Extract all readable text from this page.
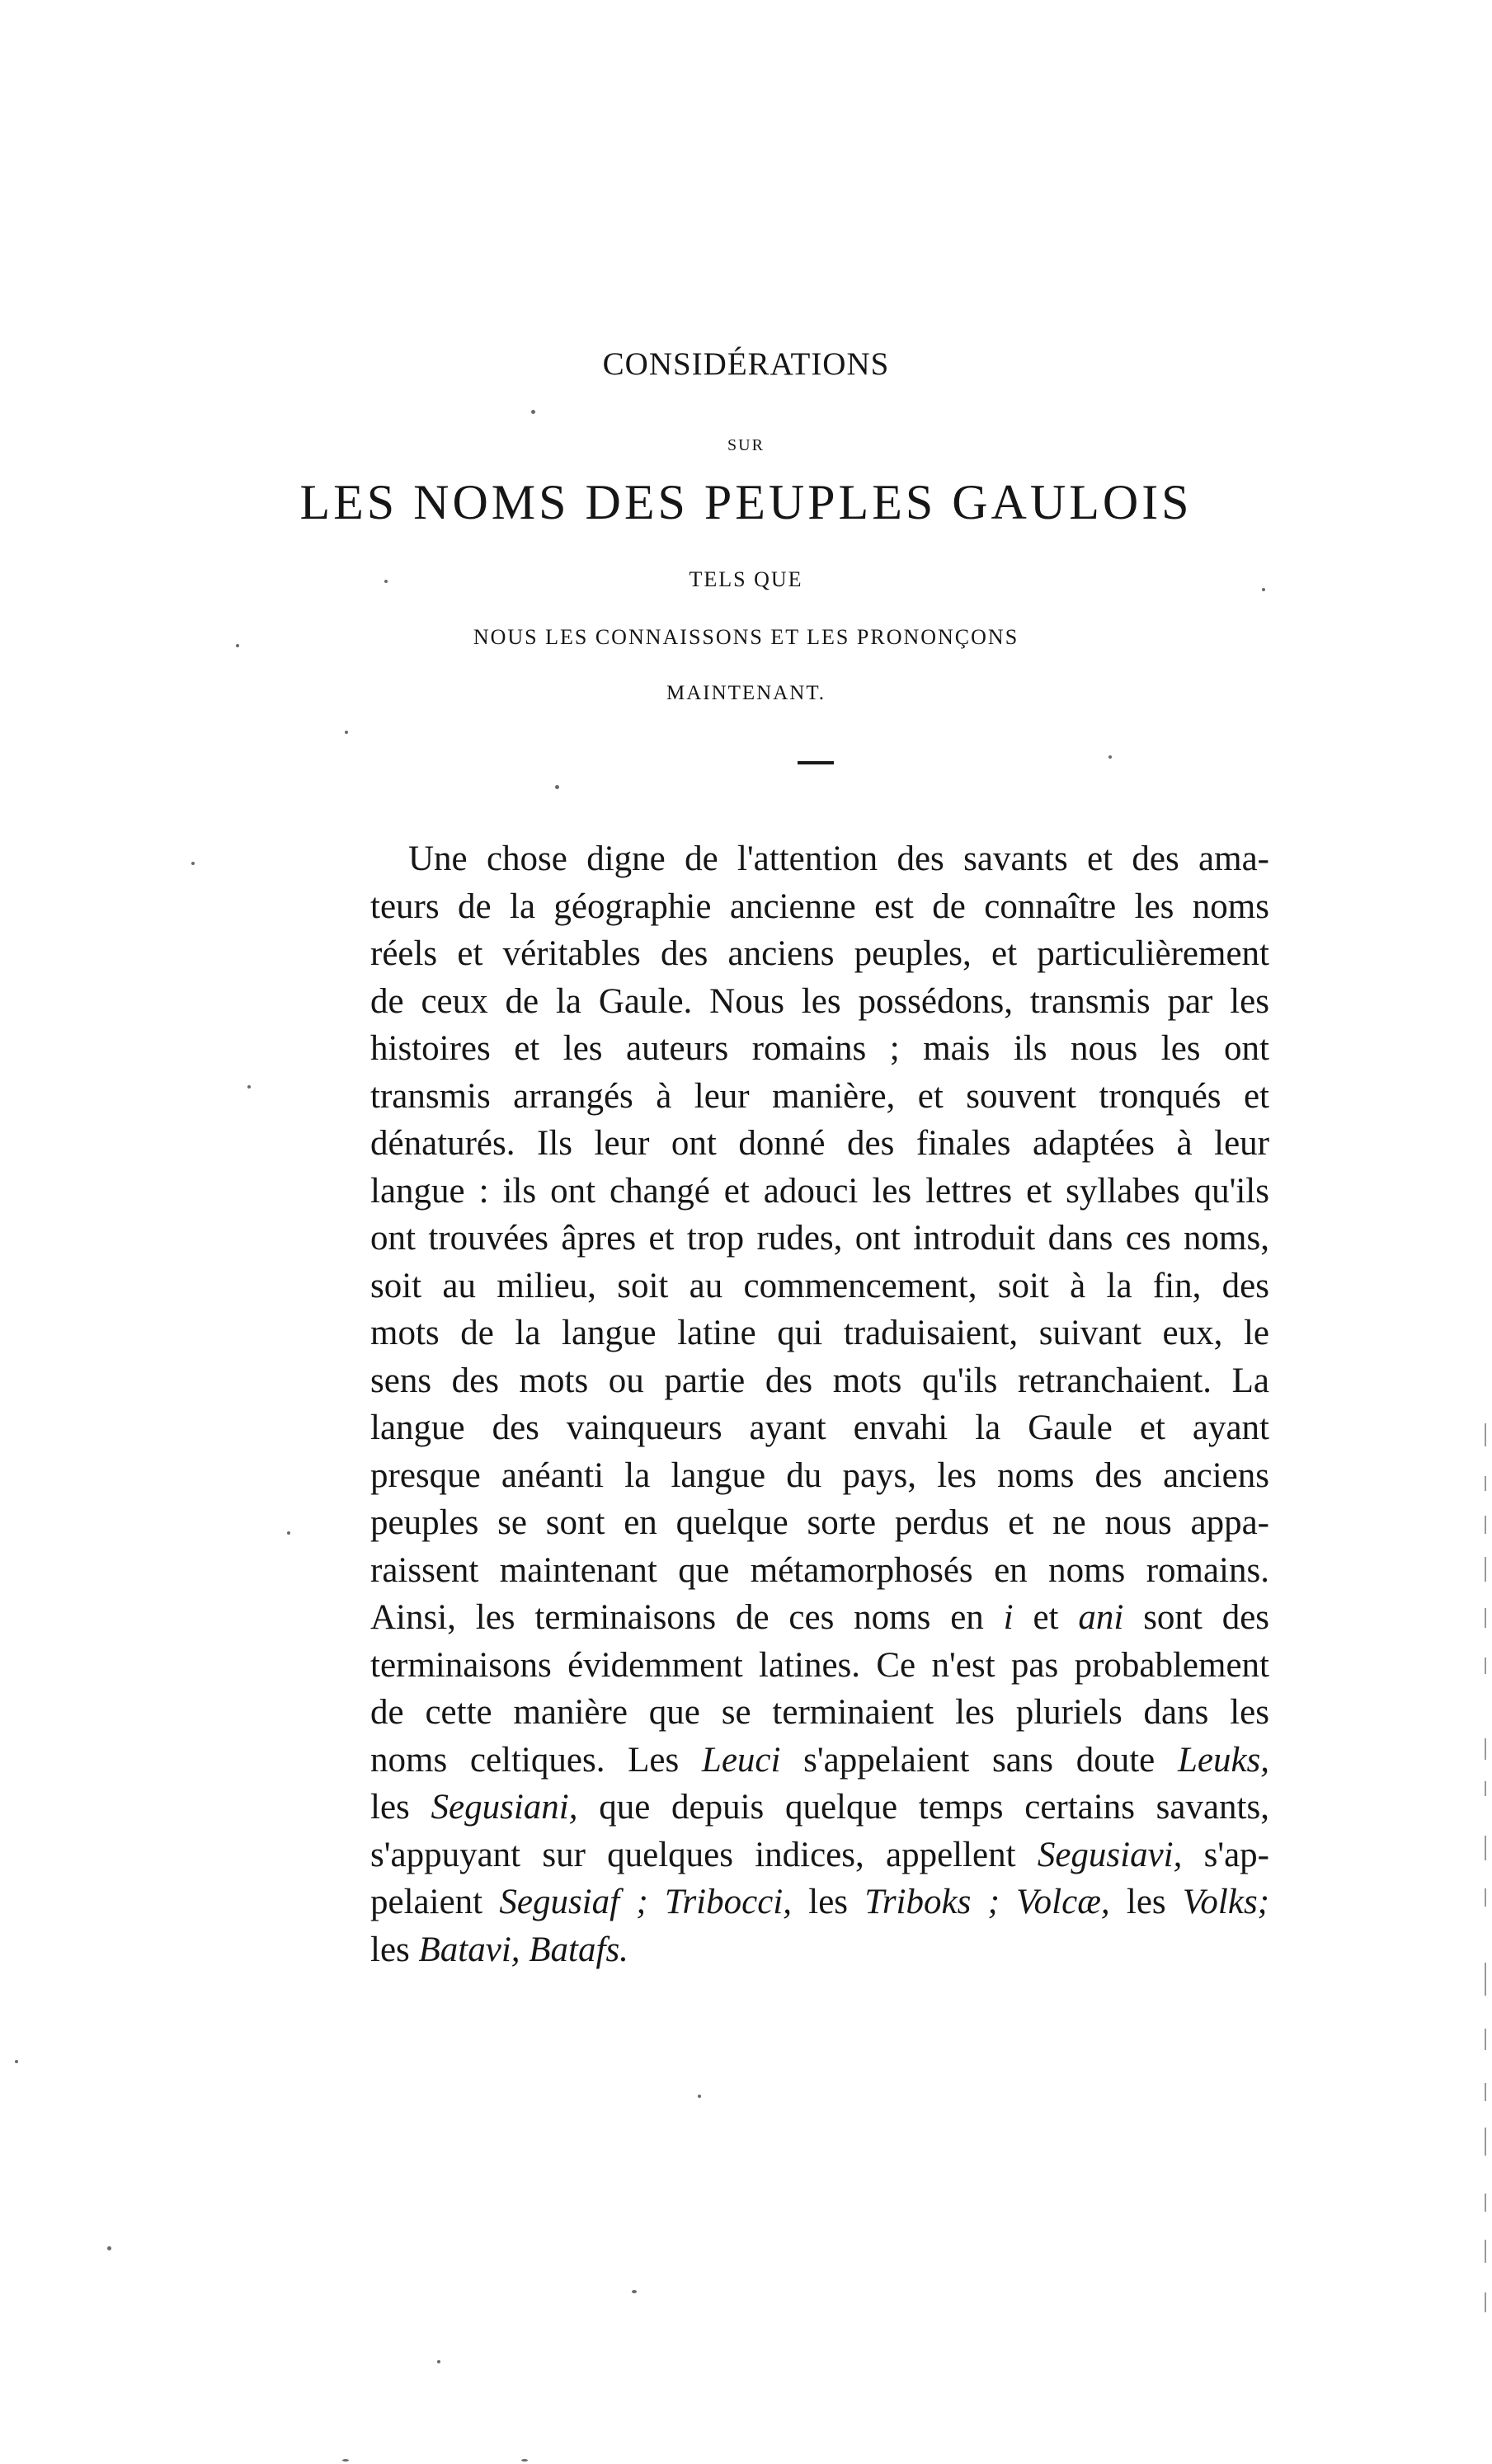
CONSIDÉRATIONS
SUR
LES NOMS DES PEUPLES GAULOIS
TELS QUE
NOUS LES CONNAISSONS ET LES PRONONÇONS
MAINTENANT.
Une chose digne de l'attention des savants et des ama-
teurs de la géographie ancienne est de connaître les noms
réels et véritables des anciens peuples, et particulièrement
de ceux de la Gaule. Nous les possédons, transmis par les
histoires et les auteurs romains ; mais ils nous les ont
transmis arrangés à leur manière, et souvent tronqués et
dénaturés. Ils leur ont donné des finales adaptées à leur
langue : ils ont changé et adouci les lettres et syllabes qu'ils
ont trouvées âpres et trop rudes, ont introduit dans ces noms,
soit au milieu, soit au commencement, soit à la fin, des
mots de la langue latine qui traduisaient, suivant eux, le
sens des mots ou partie des mots qu'ils retranchaient. La
langue des vainqueurs ayant envahi la Gaule et ayant
presque anéanti la langue du pays, les noms des anciens
peuples se sont en quelque sorte perdus et ne nous appa-
raissent maintenant que métamorphosés en noms romains.
Ainsi, les terminaisons de ces noms en i et ani sont des
terminaisons évidemment latines. Ce n'est pas probablement
de cette manière que se terminaient les pluriels dans les
noms celtiques. Les Leuci s'appelaient sans doute Leuks,
les Segusiani, que depuis quelque temps certains savants,
s'appuyant sur quelques indices, appellent Segusiavi, s'ap-
pelaient Segusiaf ; Tribocci, les Triboks ; Volcæ, les Volks;
les Batavi, Batafs.
